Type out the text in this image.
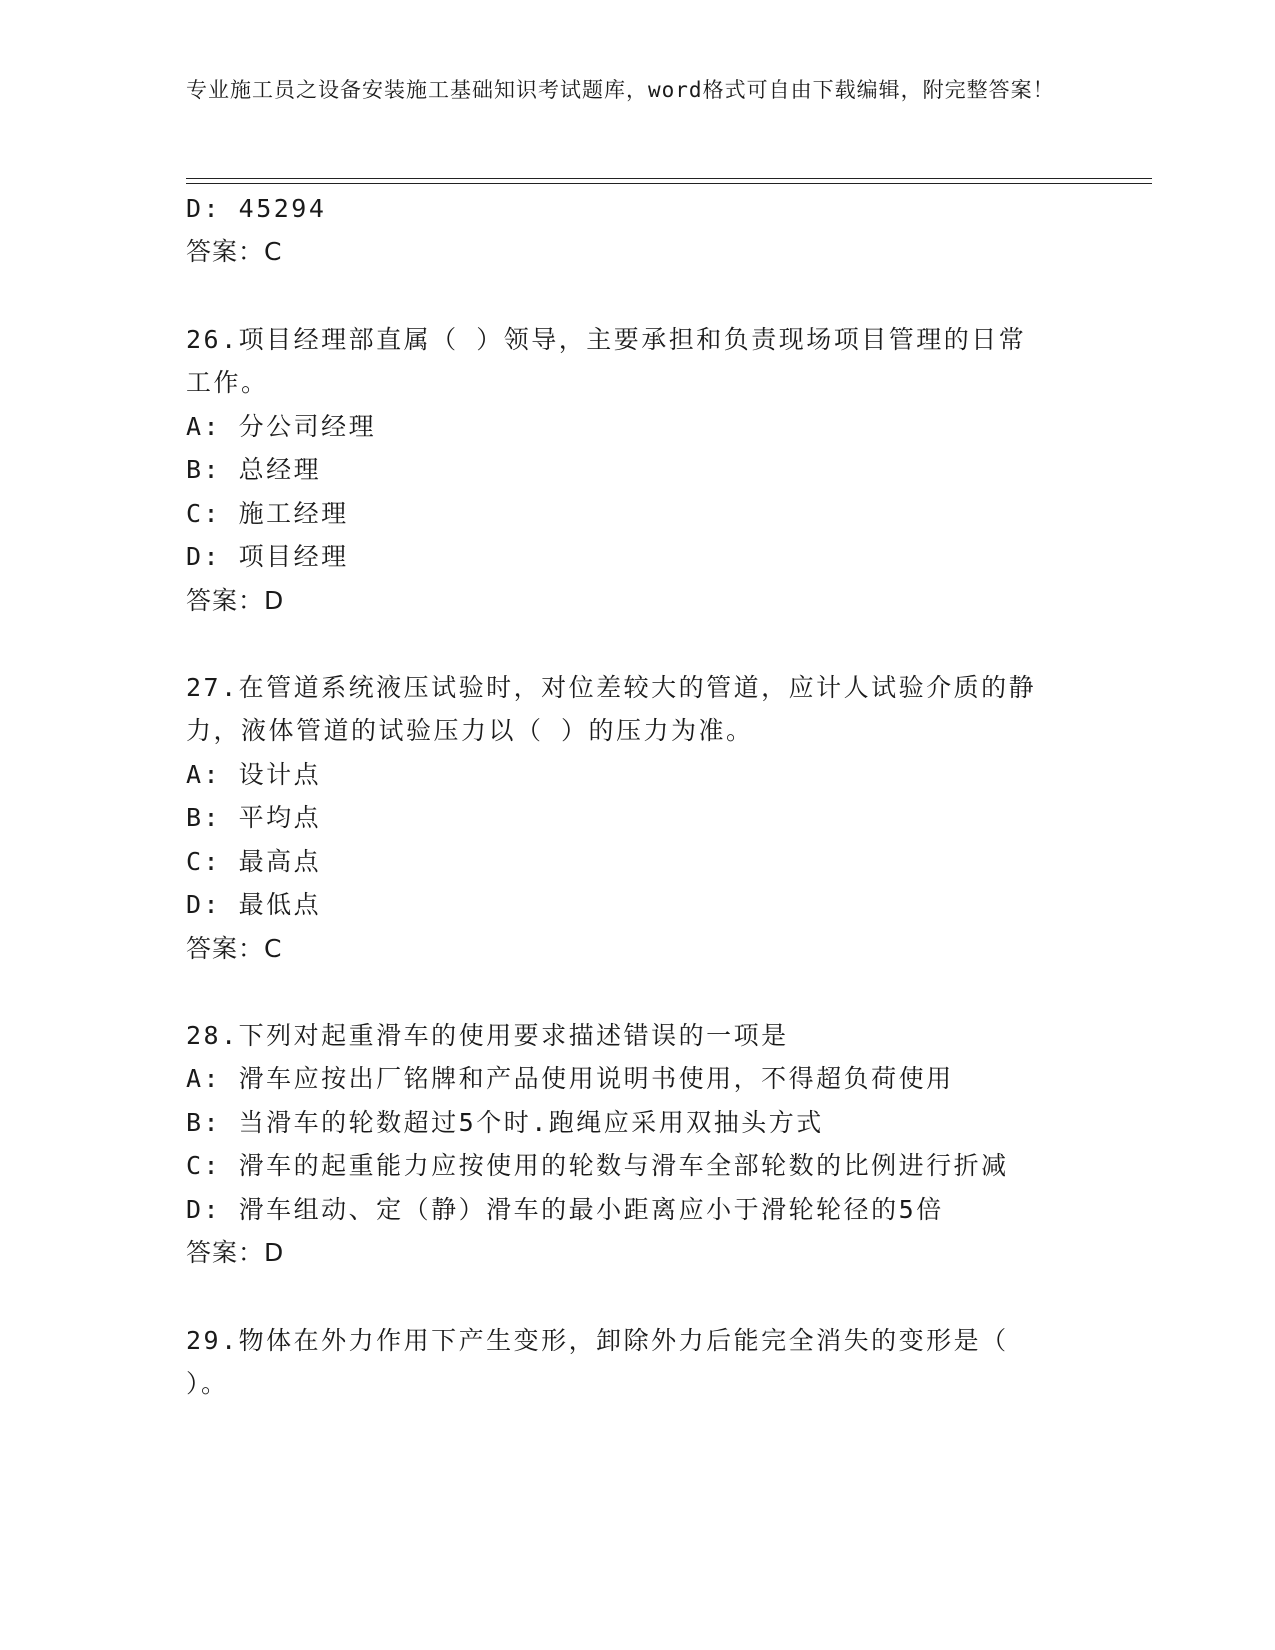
专业施工员之设备安装施工基础知识考试题库，word格式可自由下载编辑，附完整答案！
D: 45294
答案：C
26.项目经理部直属（ ）领导，主要承担和负责现场项目管理的日常
工作。
A: 分公司经理
B: 总经理
C: 施工经理
D: 项目经理
答案：D
27.在管道系统液压试验时，对位差较大的管道，应计人试验介质的静
力，液体管道的试验压力以（ ）的压力为准。
A: 设计点
B: 平均点
C: 最高点
D: 最低点
答案：C
28.下列对起重滑车的使用要求描述错误的一项是
A: 滑车应按出厂铭牌和产品使用说明书使用，不得超负荷使用
B: 当滑车的轮数超过5个时.跑绳应采用双抽头方式
C: 滑车的起重能力应按使用的轮数与滑车全部轮数的比例进行折减
D: 滑车组动、定（静）滑车的最小距离应小于滑轮轮径的5倍
答案：D
29.物体在外力作用下产生变形，卸除外力后能完全消失的变形是（
）。
